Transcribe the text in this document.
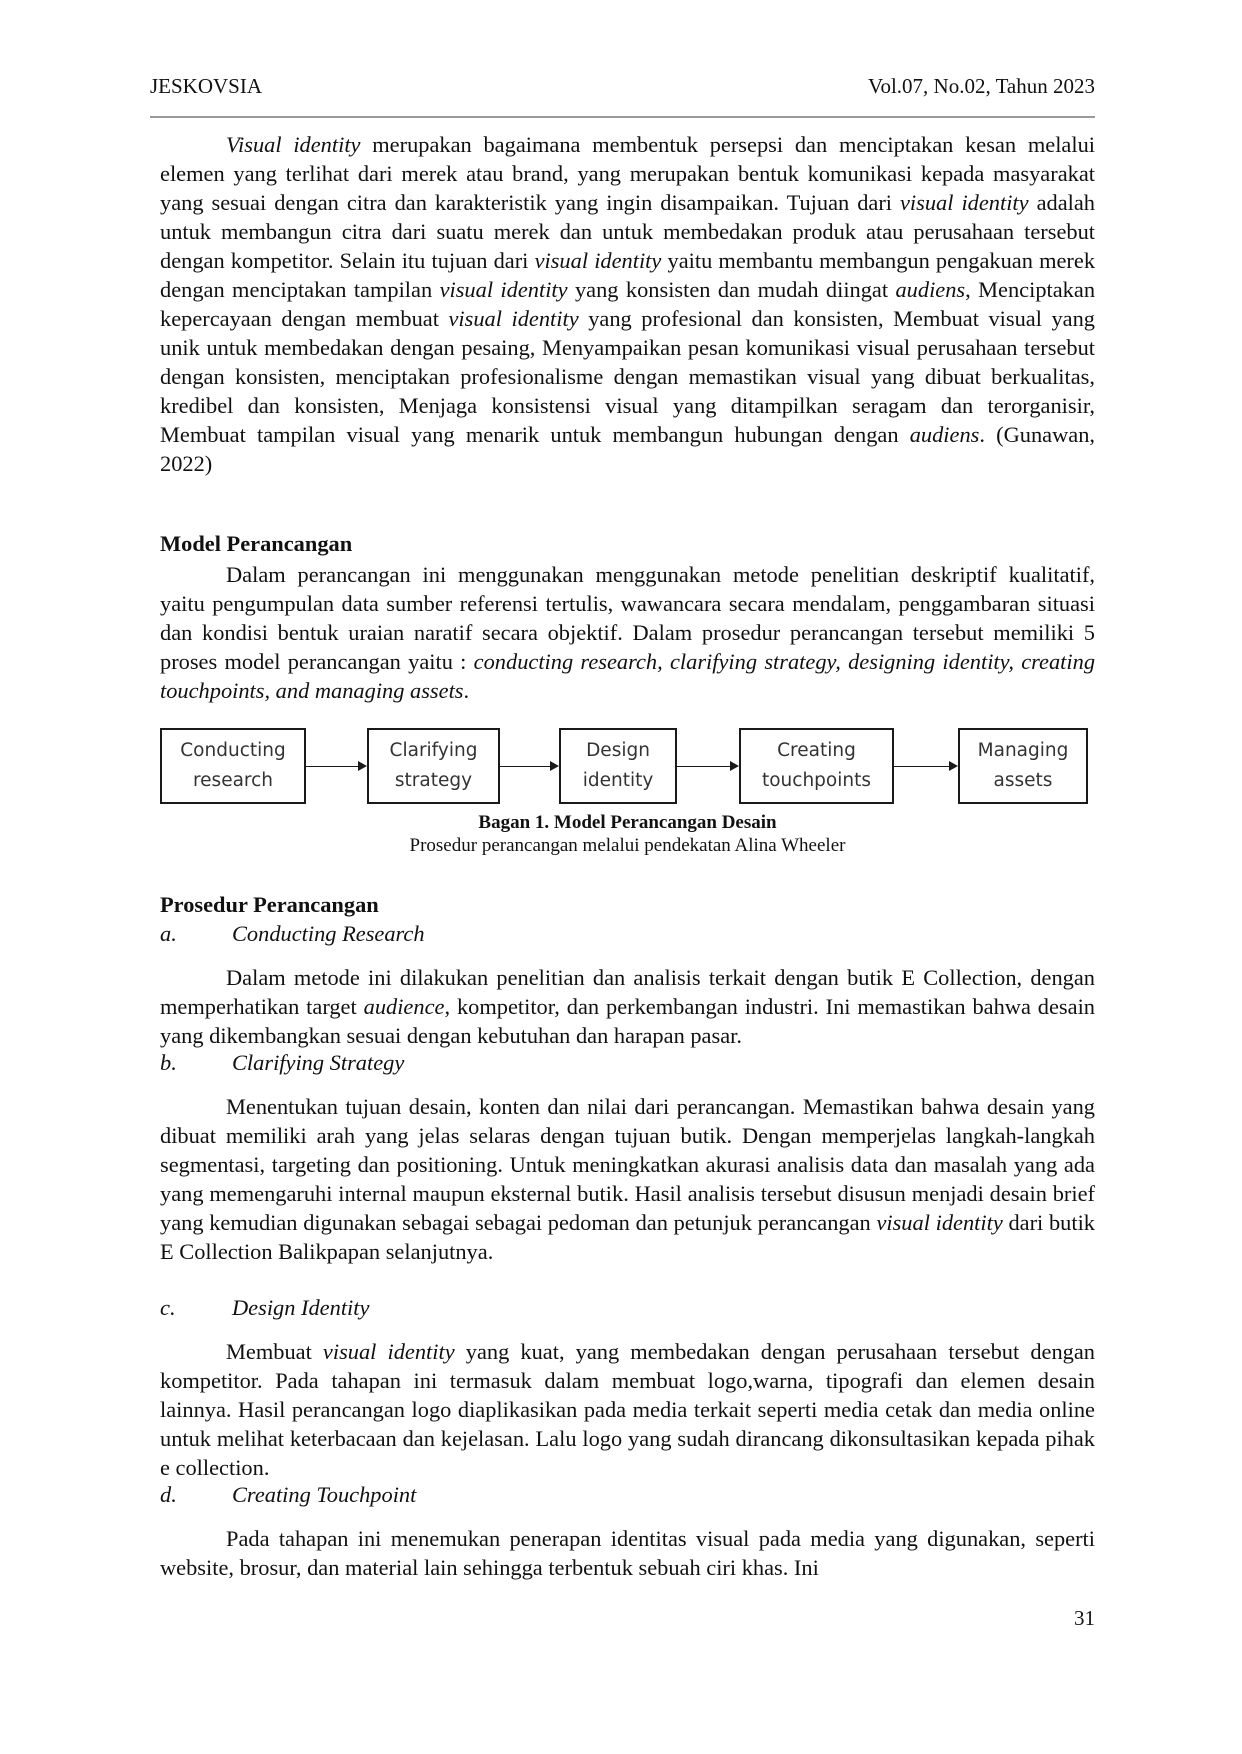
JESKOVSIA	Vol.07, No.02, Tahun 2023

Visual identity merupakan bagaimana membentuk persepsi dan menciptakan kesan melalui elemen yang terlihat dari merek atau brand, yang merupakan bentuk komunikasi kepada masyarakat yang sesuai dengan citra dan karakteristik yang ingin disampaikan. Tujuan dari visual identity adalah untuk membangun citra dari suatu merek dan untuk membedakan produk atau perusahaan tersebut dengan kompetitor. Selain itu tujuan dari visual identity yaitu membantu membangun pengakuan merek dengan menciptakan tampilan visual identity yang konsisten dan mudah diingat audiens, Menciptakan kepercayaan dengan membuat visual identity yang profesional dan konsisten, Membuat visual yang unik untuk membedakan dengan pesaing, Menyampaikan pesan komunikasi visual perusahaan tersebut dengan konsisten, menciptakan profesionalisme dengan memastikan visual yang dibuat berkualitas, kredibel dan konsisten, Menjaga konsistensi visual yang ditampilkan seragam dan terorganisir, Membuat tampilan visual yang menarik untuk membangun hubungan dengan audiens. (Gunawan, 2022)

Model Perancangan

Dalam perancangan ini menggunakan menggunakan metode penelitian deskriptif kualitatif, yaitu pengumpulan data sumber referensi tertulis, wawancara secara mendalam, penggambaran situasi dan kondisi bentuk uraian naratif secara objektif. Dalam prosedur perancangan tersebut memiliki 5 proses model perancangan yaitu : conducting research, clarifying strategy, designing identity, creating touchpoints, and managing assets.

Conducting
research
Clarifying
strategy
Design
identity
Creating
touchpoints
Managing
assets
Bagan 1. Model Perancangan Desain
Prosedur perancangan melalui pendekatan Alina Wheeler
Prosedur Perancangan
a. Conducting Research

Dalam metode ini dilakukan penelitian dan analisis terkait dengan butik E Collection, dengan memperhatikan target audience, kompetitor, dan perkembangan industri. Ini memastikan bahwa desain yang dikembangkan sesuai dengan kebutuhan dan harapan pasar.

b. Clarifying Strategy

Menentukan tujuan desain, konten dan nilai dari perancangan. Memastikan bahwa desain yang dibuat memiliki arah yang jelas selaras dengan tujuan butik. Dengan memperjelas langkah-langkah segmentasi, targeting dan positioning. Untuk meningkatkan akurasi analisis data dan masalah yang ada yang memengaruhi internal maupun eksternal butik. Hasil analisis tersebut disusun menjadi desain brief yang kemudian digunakan sebagai sebagai pedoman dan petunjuk perancangan visual identity dari butik E Collection Balikpapan selanjutnya.

c.	Design Identity

Membuat visual identity yang kuat, yang membedakan dengan perusahaan tersebut dengan kompetitor. Pada tahapan ini termasuk dalam membuat logo,warna, tipografi dan elemen desain lainnya. Hasil perancangan logo diaplikasikan pada media terkait seperti media cetak dan media online untuk melihat keterbacaan dan kejelasan. Lalu logo yang sudah dirancang dikonsultasikan kepada pihak e collection.

d. Creating Touchpoint

Pada tahapan ini menemukan penerapan identitas visual pada media yang digunakan, seperti website, brosur, dan material lain sehingga terbentuk sebuah ciri khas. Ini

31
